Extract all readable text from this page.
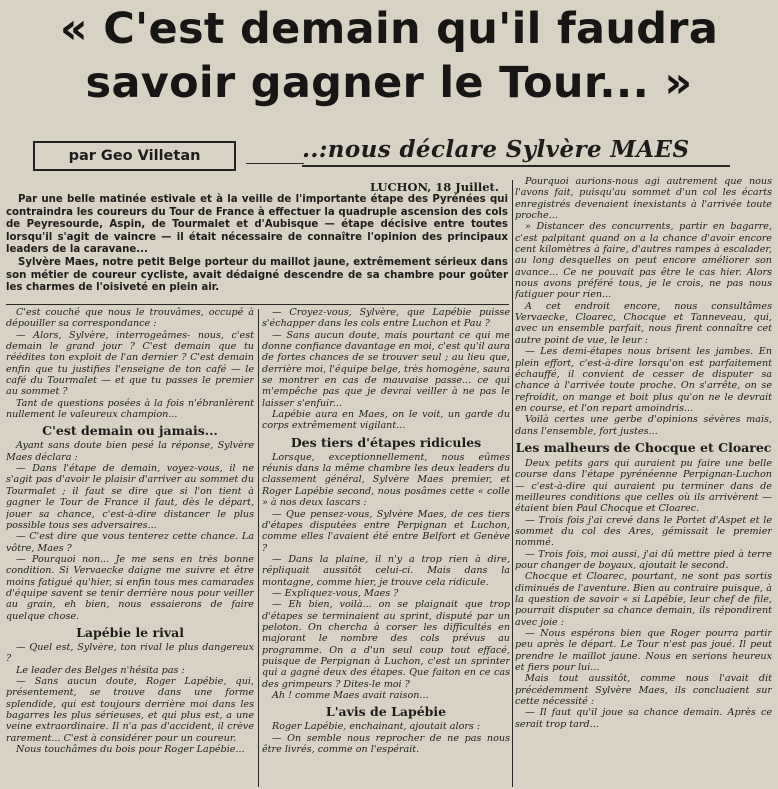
« C'est demain qu'il faudra
savoir gagner le Tour... »
par Geo Villetan	..:nous déclare Sylvère MAES
LUCHON, 18 Juillet.

Par une belle matinée estivale et à la veille de l'importante étape des Pyrénées qui contraindra les coureurs du Tour de France à effectuer la quadruple ascension des cols de Peyresourde, Aspin, de Tourmalet et d'Aubisque — étape décisive entre toutes lorsqu'il s'agit de vaincre — il était nécessaire de connaître l'opinion des principaux leaders de la caravane...

Sylvère Maes, notre petit Belge porteur du maillot jaune, extrêmement sérieux dans son métier de coureur cycliste, avait dédaigné descendre de sa chambre pour goûter les charmes de l'oisiveté en plein air.

C'est couché que nous le trouvâmes, occupé à dépouiller sa correspondance :

— Alors, Sylvère, interrogeâmes- nous, c'est demain le grand jour ? C'est demain que tu réédites ton exploit de l'an dernier ? C'est demain enfin que tu justifies l'enseigne de ton café — le café du Tourmalet — et que tu passes le premier au sommet ?

Tant de questions posées à la fois n'ébranlèrent nullement le valeureux champion...

C'est demain ou jamais...

Ayant sans doute bien pesé la réponse, Sylvère Maes déclara :

— Dans l'étape de demain, voyez-vous, il ne s'agit pas d'avoir le plaisir d'arriver au sommet du Tourmalet ; il faut se dire que si l'on tient à gagner le Tour de France il faut, dès le départ, jouer sa chance, c'est-à-dire distancer le plus possible tous ses adversaires...

— C'est dire que vous tenterez cette chance. La vôtre, Maes ?

— Pourquoi non... Je me sens en très bonne condition. Si Vervaecke daigne me suivre et être moins fatigué qu'hier, si enfin tous mes camarades d'équipe savent se tenir derrière nous pour veiller au grain, eh bien, nous essaierons de faire quelque chose.

Lapébie le rival

— Quel est, Sylvère, ton rival le plus dangereux ?

Le leader des Belges n'hésita pas :

— Sans aucun doute, Roger Lapébie, qui, présentement, se trouve dans une forme splendide, qui est toujours derrière moi dans les bagarres les plus sérieuses, et qui plus est, a une veine extraordinaire. Il n'a pas d'accident, il crève rarement... C'est à considérer pour un coureur.

Nous touchâmes du bois pour Roger Lapébie...

— Croyez-vous, Sylvère, que Lapébie puisse s'échapper dans les cols entre Luchon et Pau ?

— Sans aucun doute, mais pourtant ce qui me donne confiance davantage en moi, c'est qu'il aura de fortes chances de se trouver seul ; au lieu que, derrière moi, l'équipe belge, très homogène, saura se montrer en cas de mauvaise passe... ce qui m'empêche pas que je devrai veiller à ne pas le laisser s'enfuir...

Lapébie aura en Maes, on le voit, un garde du corps extrêmement vigilant...

Des tiers d'étapes ridicules

Lorsque, exceptionnellement, nous eûmes réunis dans la même chambre les deux leaders du classement général, Sylvère Maes premier, et Roger Lapébie second, nous posâmes cette « colle » à nos deux lascars :

— Que pensez-vous, Sylvère Maes, de ces tiers d'étapes disputées entre Perpignan et Luchon, comme elles l'avaient été entre Belfort et Genève ?

— Dans la plaine, il n'y a trop rien à dire, répliquait aussitôt celui-ci. Mais dans la montagne, comme hier, je trouve cela ridicule.

— Expliquez-vous, Maes ?

— Eh bien, voilà... on se plaignait que trop d'étapes se terminaient au sprint, disputé par un peloton. On chercha à corser les difficultés en majorant le nombre des cols prévus au programme. On a d'un seul coup tout effacé, puisque de Perpignan à Luchon, c'est un sprinter qui a gagné deux des étapes. Que faiton en ce cas des grimpeurs ? Dites-le moi ?

Ah ! comme Maes avait raison...

L'avis de Lapébie

Roger Lapébie, enchainant, ajoutait alors :

— On semble nous reprocher de ne pas nous être livrés, comme on l'espérait.

Pourquoi aurions-nous agi autrement que nous l'avons fait, puisqu'au sommet d'un col les écarts enregistrés devenaient inexistants à l'arrivée toute proche...

» Distancer des concurrents, partir en bagarre, c'est palpitant quand on a la chance d'avoir encore cent kilomètres à faire, d'autres rampes à escalader, au long desquelles on peut encore améliorer son avance... Ce ne pouvait pas être le cas hier. Alors nous avons préféré tous, je le crois, ne pas nous fatiguer pour rien...

A cet endroit encore, nous consultâmes Vervaecke, Cloarec, Chocque et Tanneveau, qui, avec un ensemble parfait, nous firent connaître cet autre point de vue, le leur :

— Les demi-étapes nous brisent les jambes. En plein effort, c'est-à-dire lorsqu'on est parfaitement échauffé, il convient de cesser de disputer sa chance à l'arrivée toute proche. On s'arrête, on se refroidit, on mange et boit plus qu'on ne le devrait en course, et l'on repart amoindris...

Voilà certes une gerbe d'opinions sévères mais, dans l'ensemble, fort justes...

Les malheurs de Chocque et Cloarec

Deux petits gars qui auraient pu faire une belle course dans l'étape pyrénéenne Perpignan-Luchon — c'est-à-dire qui auraient pu terminer dans de meilleures conditions que celles où ils arrivèrent — étaient bien Paul Chocque et Cloarec.

— Trois fois j'ai crevé dans le Portet d'Aspet et le sommet du col des Ares, gémissait le premier nommé.

— Trois fois, moi aussi, j'ai dû mettre pied à terre pour changer de boyaux, ajoutait le second.

Chocque et Cloarec, pourtant, ne sont pas sortis diminués de l'aventure. Bien au contraire puisque, à la question de savoir « si Lapébie, leur chef de file, pourrait disputer sa chance demain, ils répondirent avec joie :

— Nous espérons bien que Roger pourra partir peu après le départ. Le Tour n'est pas joué. Il peut prendre le maillot jaune. Nous en serions heureux et fiers pour lui...

Mais tout aussitôt, comme nous l'avait dit précédemment Sylvère Maes, ils concluaient sur cette nécessité :

— Il faut qu'il joue sa chance demain. Après ce serait trop tard...
